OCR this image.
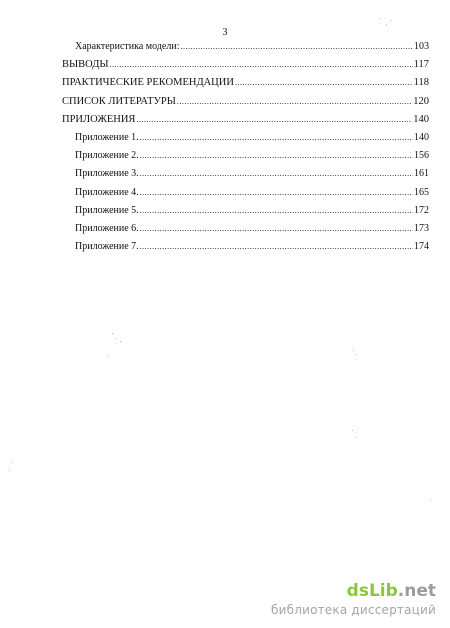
3
Характеристика модели: .....	103
ВЫВОДЫ .....	117
ПРАКТИЧЕСКИЕ РЕКОМЕНДАЦИИ .....	118
СПИСОК ЛИТЕРАТУРЫ .....	120
ПРИЛОЖЕНИЯ .....	140
Приложение 1. .....	140
Приложение 2. .....	156
Приложение 3. .....	161
Приложение 4. .....	165
Приложение 5. .....	172
Приложение 6. .....	173
Приложение 7. .....	174
dsLib.net
библиотека диссертаций
